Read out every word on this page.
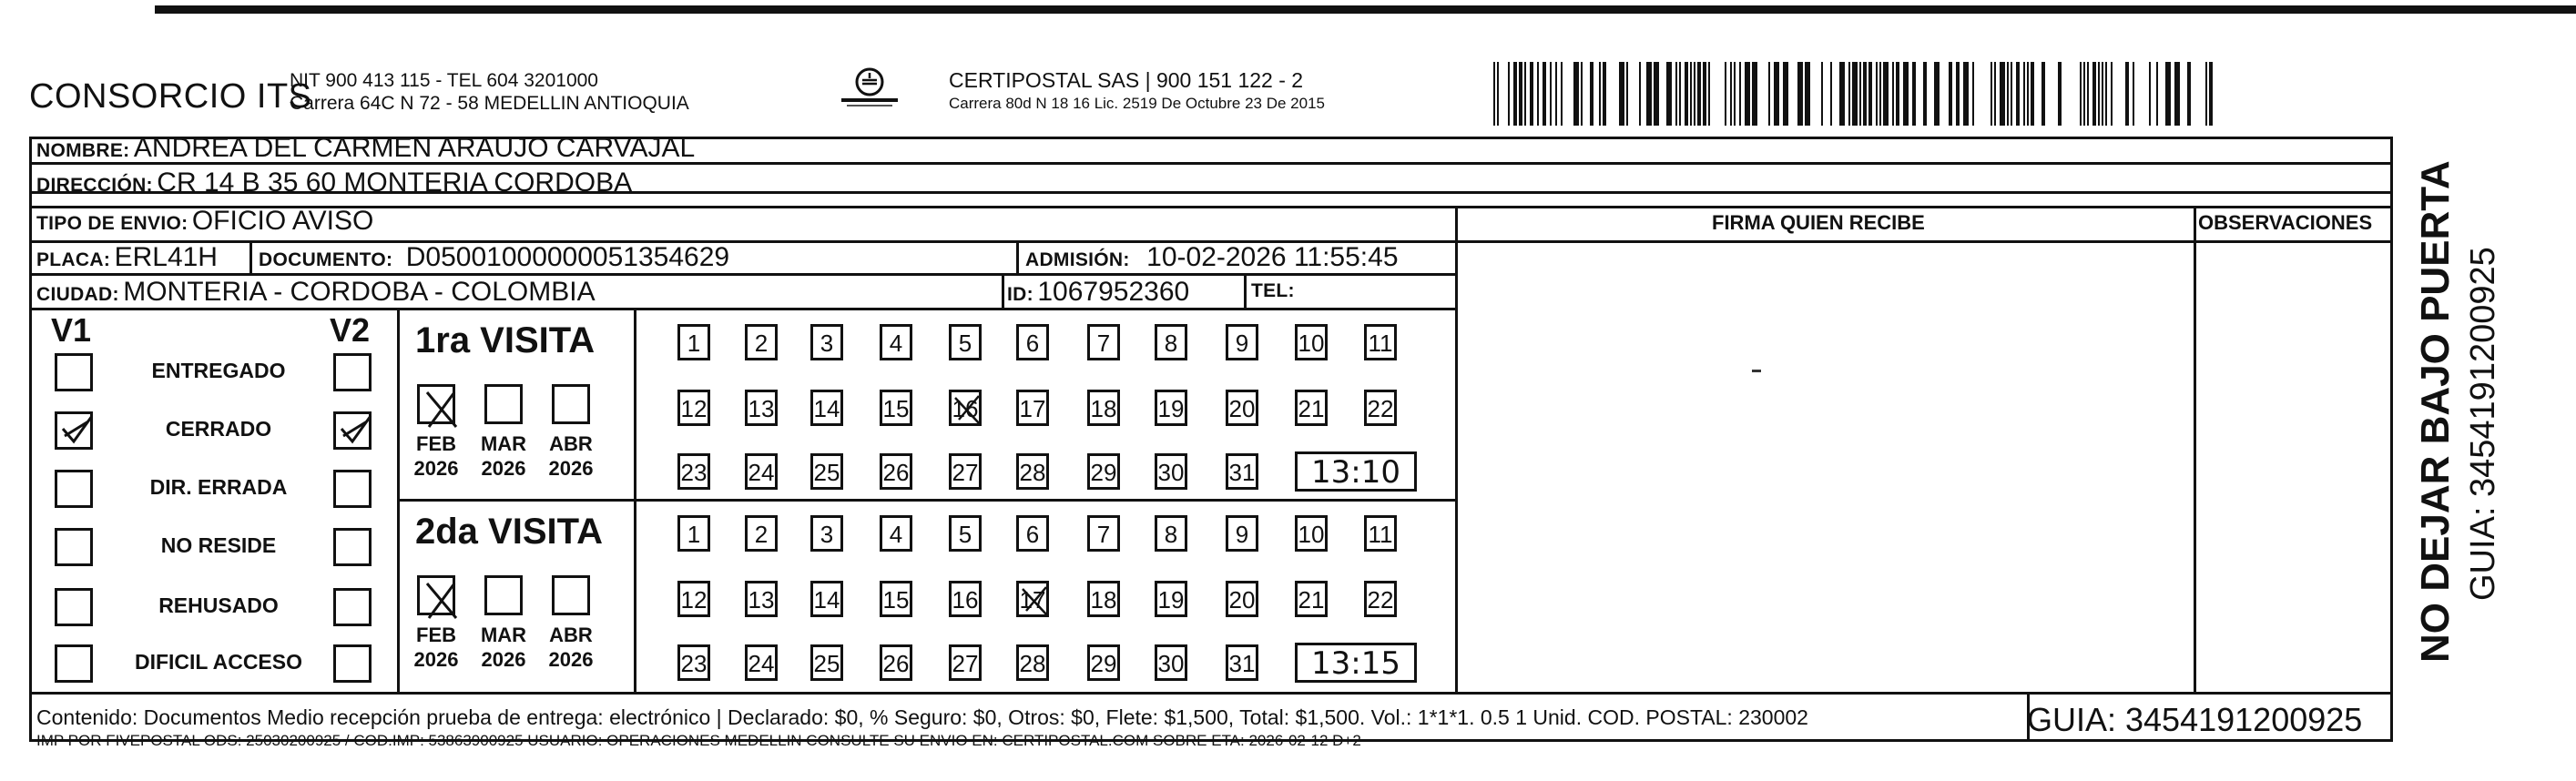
CONSORCIO ITS
NIT 900 413 115 - TEL 604 3201000
Carrera 64C N 72 - 58 MEDELLIN ANTIOQUIA
CERTIPOSTAL SAS | 900 151 122 - 2
Carrera 80d N 18 16 Lic. 2519 De Octubre 23 De 2015
NOMBRE: ANDREA DEL CARMEN ARAUJO CARVAJAL
DIRECCIÓN: CR 14 B 35 60 MONTERIA CORDOBA
TIPO DE ENVIO: OFICIO AVISO	FIRMA QUIEN RECIBE	OBSERVACIONES
PLACA: ERL41H DOCUMENTO: D05001000000051354629	ADMISIÓN: 10-02-2026 11:55:45
CIUDAD: MONTERIA - CORDOBA - COLOMBIA	ID: 1067952360	TEL:
V1	V2
ENTREGADO
CERRADO
DIR. ERRADA
NO RESIDE
REHUSADO
DIFICIL ACCESO
1ra VISITA
FEB
2026
MAR
2026
ABR
2026
1	2	3	4	5	6	7	8	9	10 11
12 13 14 15 16 17 18 19 20 21 22
23 24 25 26 27 28 29 30 31	13:10
2da VISITA
FEB
2026
MAR
2026
ABR
2026
1	2	3	4	5	6	7	8	9	10 11
12 13 14 15 16 17 18 19 20 21 22
23 24 25 26 27 28 29 30 31	13:15
Contenido: Documentos Medio recepción prueba de entrega: electrónico | Declarado: $0, % Seguro: $0, Otros: $0, Flete: $1,500, Total: $1,500. Vol.: 1*1*1. 0.5 1 Unid. COD. POSTAL: 230002
IMP POR FIVEPOSTAL ODS: 25030200925 / COD.IMP: 53863900925 USUARIO: OPERACIONES MEDELLIN CONSULTE SU ENVIO EN: CERTIPOSTAL.COM SOBRE ETA: 2026-02-12 D+2
GUIA: 3454191200925
NO DEJAR BAJO PUERTA GUIA: 3454191200925
